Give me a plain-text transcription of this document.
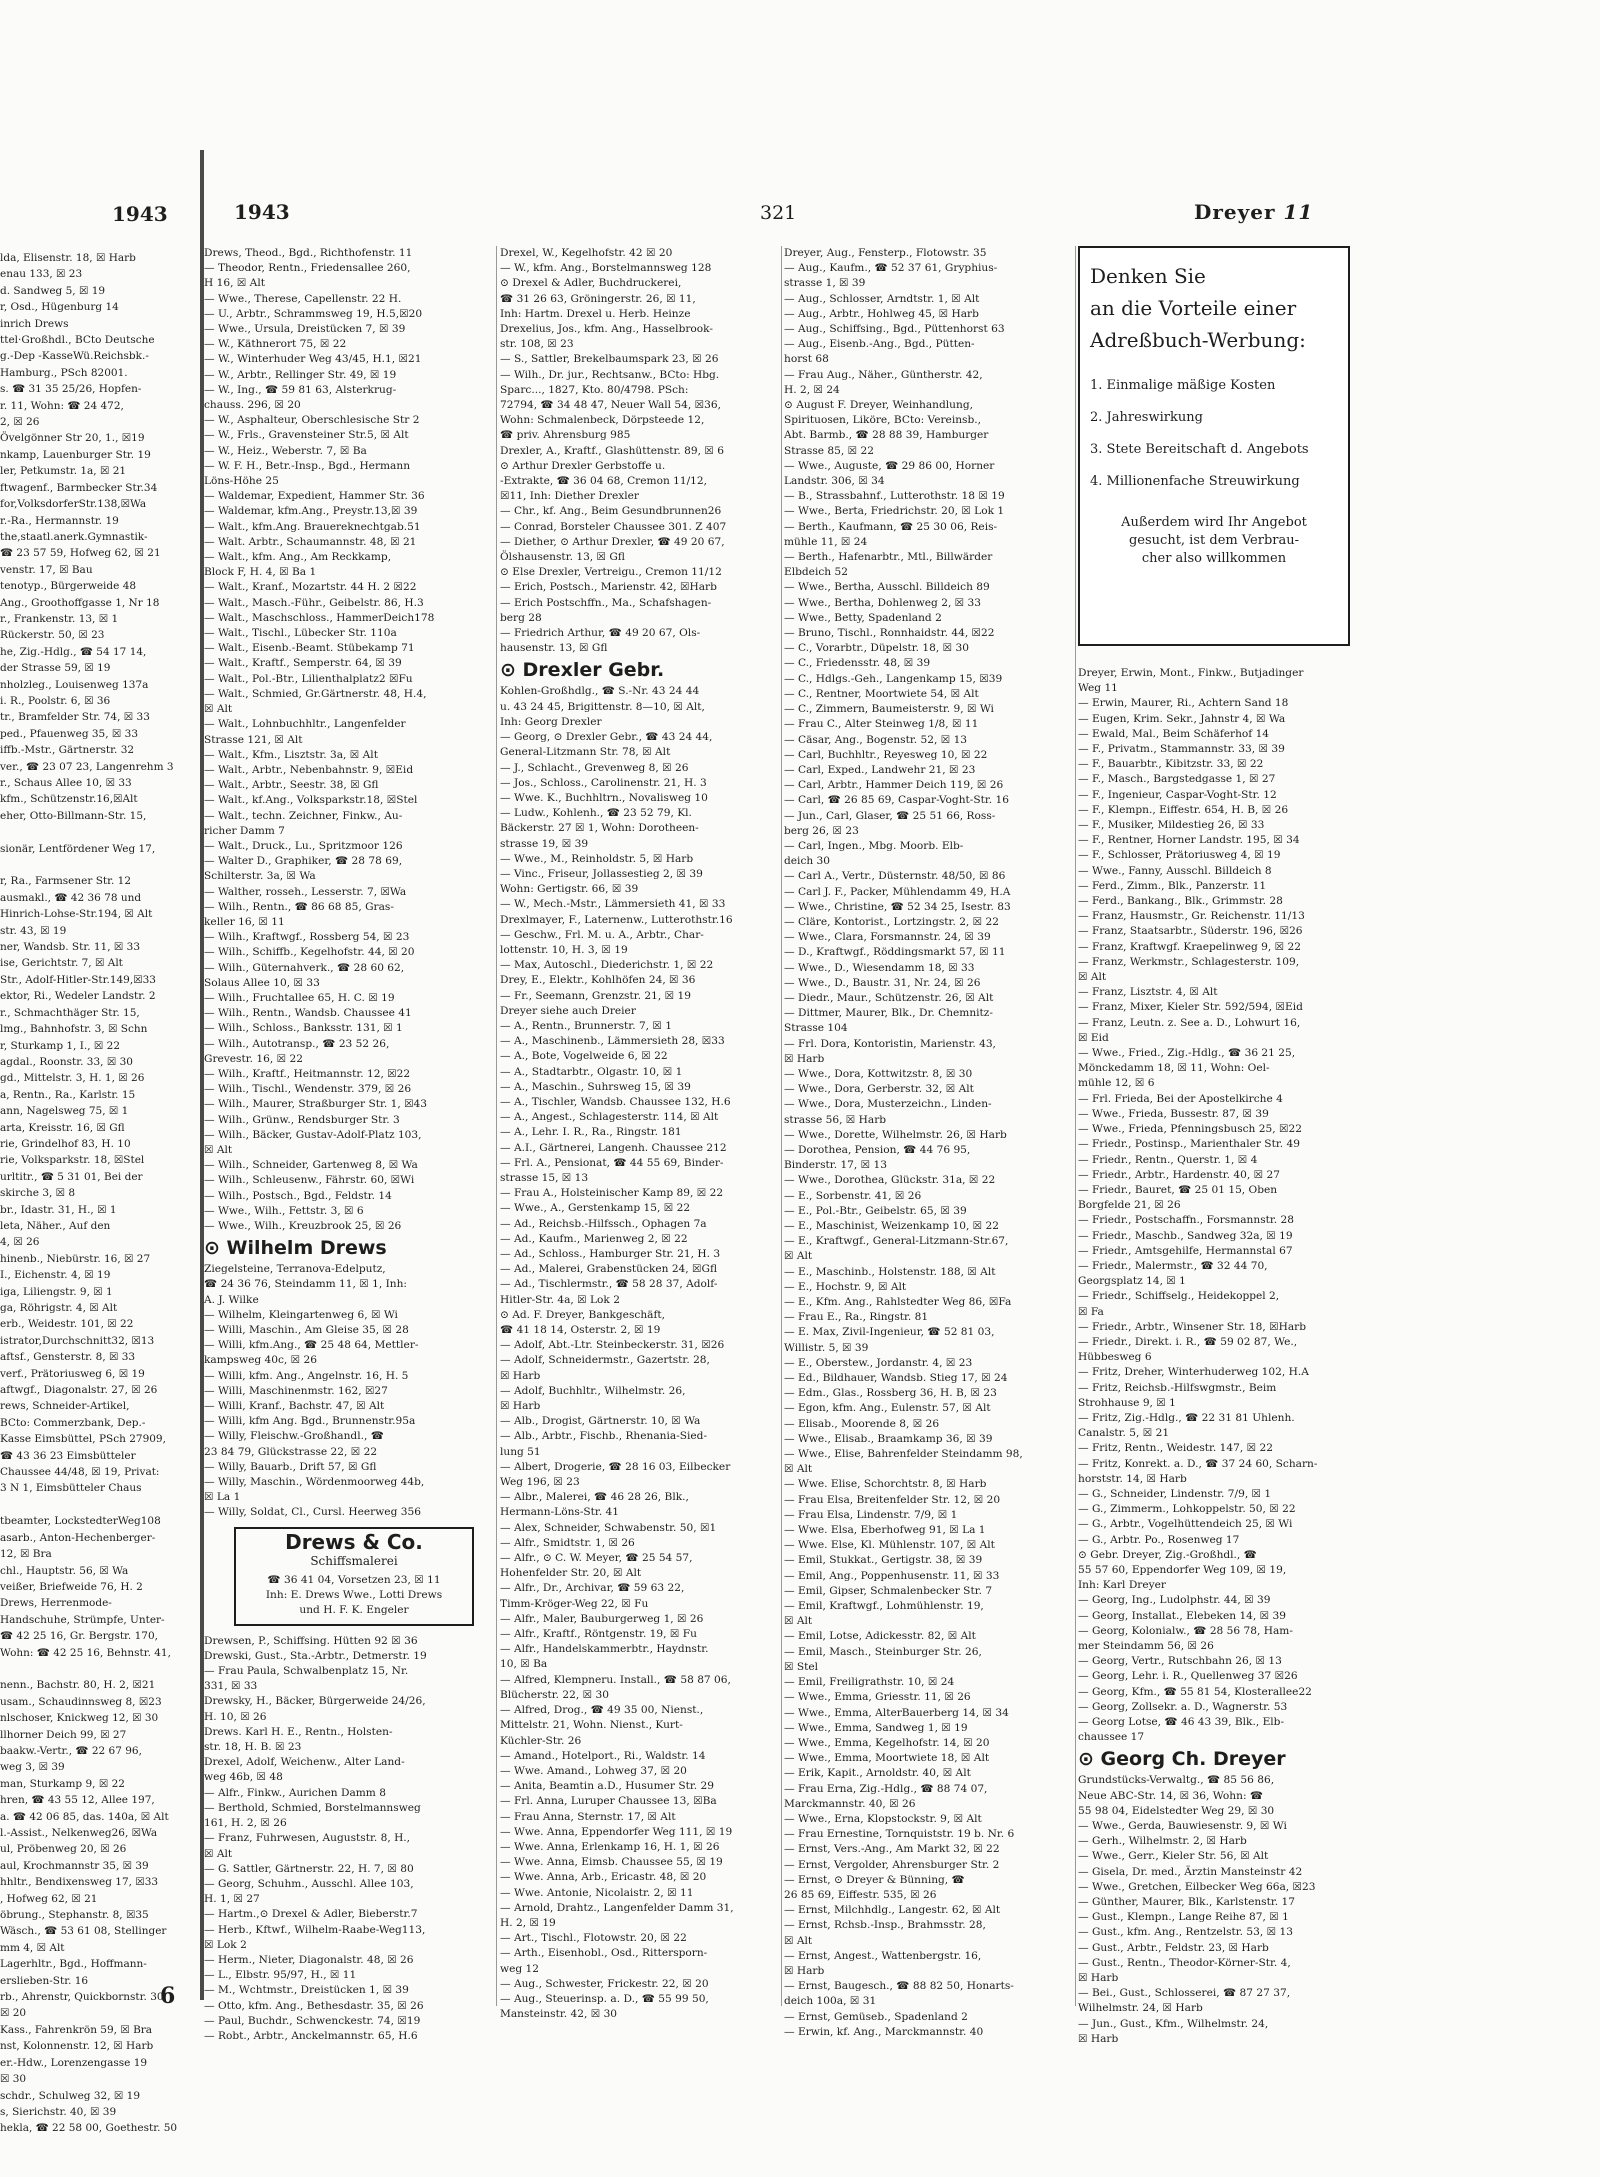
1943
lda, Elisenstr. 18, ☒ Harb
enau 133, ☒ 23
d. Sandweg 5, ☒ 19
r, Osd., Hügenburg 14
inrich Drews
ttel·Großhdl., BCto Deutsche
g.-Dep -KasseWü.Reichsbk.-
Hamburg., PSch 82001.
s. ☎ 31 35 25/26, Hopfen-
r. 11, Wohn: ☎ 24 472,
2, ☒ 26
Övelgönner Str 20, 1., ☒19
nkamp, Lauenburger Str. 19
ler, Petkumstr. 1a, ☒ 21
ftwagenf., Barmbecker Str.34
for,VolksdorferStr.138,☒Wa
r.-Ra., Hermannstr. 19
the,staatl.anerk.Gymnastik-
☎ 23 57 59, Hofweg 62, ☒ 21
venstr. 17, ☒ Bau
tenotyp., Bürgerweide 48
Ang., Groothoffgasse 1, Nr 18
r., Frankenstr. 13, ☒ 1
Rückerstr. 50, ☒ 23
he, Zig.-Hdlg., ☎ 54 17 14,
der Strasse 59, ☒ 19
nholzleg., Louisenweg 137a
i. R., Poolstr. 6, ☒ 36
tr., Bramfelder Str. 74, ☒ 33
ped., Pfauenweg 35, ☒ 33
iffb.-Mstr., Gärtnerstr. 32
ver., ☎ 23 07 23, Langenrehm 3
r., Schaus Allee 10, ☒ 33
kfm., Schützenstr.16,☒Alt
eher, Otto-Billmann-Str. 15,

sionär, Lentfördener Weg 17,

r, Ra., Farmsener Str. 12
ausmakl., ☎ 42 36 78 und
Hinrich-Lohse-Str.194, ☒ Alt
str. 43, ☒ 19
ner, Wandsb. Str. 11, ☒ 33
ise, Gerichtstr. 7, ☒ Alt
Str., Adolf-Hitler-Str.149,☒33
ektor, Ri., Wedeler Landstr. 2
r., Schmachthäger Str. 15,
lmg., Bahnhofstr. 3, ☒ Schn
r, Sturkamp 1, I., ☒ 22
agdal., Roonstr. 33, ☒ 30
gd., Mittelstr. 3, H. 1, ☒ 26
a, Rentn., Ra., Karlstr. 15
ann, Nagelsweg 75, ☒ 1
arta, Kreisstr. 16, ☒ Gfl
rie, Grindelhof 83, H. 10
rie, Volksparkstr. 18, ☒Stel
urltitr., ☎ 5 31 01, Bei der
skirche 3, ☒ 8
br., Idastr. 31, H., ☒ 1
leta, Näher., Auf den
4, ☒ 26
hinenb., Niebürstr. 16, ☒ 27
I., Eichenstr. 4, ☒ 19
iga, Liliengstr. 9, ☒ 1
ga, Röhrigstr. 4, ☒ Alt
erb., Weidestr. 101, ☒ 22
istrator,Durchschnitt32, ☒13
aftsf., Gensterstr. 8, ☒ 33
verf., Prätoriusweg 6, ☒ 19
aftwgf., Diagonalstr. 27, ☒ 26
rews, Schneider-Artikel,
BCto: Commerzbank, Dep.-
Kasse Eimsbüttel, PSch 27909,
☎ 43 36 23 Eimsbütteler
Chaussee 44/48, ☒ 19, Privat:
3 N 1, Eimsbütteler Chaus

tbeamter, LockstedterWeg108
asarb., Anton-Hechenberger-
12, ☒ Bra
chl., Hauptstr. 56, ☒ Wa
veißer, Briefweide 76, H. 2
Drews, Herrenmode-
Handschuhe, Strümpfe, Unter-
☎ 42 25 16, Gr. Bergstr. 170,
Wohn: ☎ 42 25 16, Behnstr. 41,

nenn., Bachstr. 80, H. 2, ☒21
usam., Schaudinnsweg 8, ☒23
nlschoser, Knickweg 12, ☒ 30
llhorner Deich 99, ☒ 27
baakw.-Vertr., ☎ 22 67 96,
weg 3, ☒ 39
man, Sturkamp 9, ☒ 22
hren, ☎ 43 55 12, Allee 197,
a. ☎ 42 06 85, das. 140a, ☒ Alt
l.-Assist., Nelkenweg26, ☒Wa
ul, Pröbenweg 20, ☒ 26
aul, Krochmannstr 35, ☒ 39
hhltr., Bendixensweg 17, ☒33
, Hofweg 62, ☒ 21
öbrung., Stephanstr. 8, ☒35
Wäsch., ☎ 53 61 08, Stellinger
mm 4, ☒ Alt
Lagerhltr., Bgd., Hoffmann-
erslieben-Str. 16
rb., Ahrenstr, Quickbornstr. 30,
☒ 20
Kass., Fahrenkrön 59, ☒ Bra
nst, Kolonnenstr. 12, ☒ Harb
er.-Hdw., Lorenzengasse 19
☒ 30
schdr., Schulweg 32, ☒ 19
s, Sierichstr. 40, ☒ 39
hekla, ☎ 22 58 00, Goethestr. 50
6
1943	321	Dreyer 11
Drews, Theod., Bgd., Richthofenstr. 11
— Theodor, Rentn., Friedensallee 260,
H 16, ☒ Alt
— Wwe., Therese, Capellenstr. 22 H.
— U., Arbtr., Schrammsweg 19, H.5,☒20
— Wwe., Ursula, Dreistücken 7, ☒ 39
— W., Käthnerort 75, ☒ 22
— W., Winterhuder Weg 43/45, H.1, ☒21
— W., Arbtr., Rellinger Str. 49, ☒ 19
— W., Ing., ☎ 59 81 63, Alsterkrug-
chauss. 296, ☒ 20
— W., Asphalteur, Oberschlesische Str 2
— W., Frls., Gravensteiner Str.5, ☒ Alt
— W., Heiz., Weberstr. 7, ☒ Ba
— W. F. H., Betr.-Insp., Bgd., Hermann
Löns-Höhe 25
— Waldemar, Expedient, Hammer Str. 36
— Waldemar, kfm.Ang., Preystr.13,☒ 39
— Walt., kfm.Ang. Brauereknechtgab.51
— Walt. Arbtr., Schaumannstr. 48, ☒ 21
— Walt., kfm. Ang., Am Reckkamp,
Block F, H. 4, ☒ Ba 1
— Walt., Kranf., Mozartstr. 44 H. 2 ☒22
— Walt., Masch.-Führ., Geibelstr. 86, H.3
— Walt., Maschschloss., HammerDeich178
— Walt., Tischl., Lübecker Str. 110a
— Walt., Eisenb.-Beamt. Stübekamp 71
— Walt., Kraftf., Semperstr. 64, ☒ 39
— Walt., Pol.-Btr., Lilienthalplatz2 ☒Fu
— Walt., Schmied, Gr.Gärtnerstr. 48, H.4,
☒ Alt
— Walt., Lohnbuchhltr., Langenfelder
Strasse 121, ☒ Alt
— Walt., Kfm., Lisztstr. 3a, ☒ Alt
— Walt., Arbtr., Nebenbahnstr. 9, ☒Eid
— Walt., Arbtr., Seestr. 38, ☒ Gfl
— Walt., kf.Ang., Volksparkstr.18, ☒Stel
— Walt., techn. Zeichner, Finkw., Au-
richer Damm 7
— Walt., Druck., Lu., Spritzmoor 126
— Walter D., Graphiker, ☎ 28 78 69,
Schilterstr. 3a, ☒ Wa
— Walther, rosseh., Lesserstr. 7, ☒Wa
— Wilh., Rentn., ☎ 86 68 85, Gras-
keller 16, ☒ 11
— Wilh., Kraftwgf., Rossberg 54, ☒ 23
— Wilh., Schiffb., Kegelhofstr. 44, ☒ 20
— Wilh., Güternahverk., ☎ 28 60 62,
Solaus Allee 10, ☒ 33
— Wilh., Fruchtallee 65, H. C. ☒ 19
— Wilh., Rentn., Wandsb. Chaussee 41
— Wilh., Schloss., Banksstr. 131, ☒ 1
— Wilh., Autotransp., ☎ 23 52 26,
Grevestr. 16, ☒ 22
— Wilh., Kraftf., Heitmannstr. 12, ☒22
— Wilh., Tischl., Wendenstr. 379, ☒ 26
— Wilh., Maurer, Straßburger Str. 1, ☒43
— Wilh., Grünw., Rendsburger Str. 3
— Wilh., Bäcker, Gustav-Adolf-Platz 103,
☒ Alt
— Wilh., Schneider, Gartenweg 8, ☒ Wa
— Wilh., Schleusenw., Fährstr. 60, ☒Wi
— Wilh., Postsch., Bgd., Feldstr. 14
— Wwe., Wilh., Fettstr. 3, ☒ 6
— Wwe., Wilh., Kreuzbrook 25, ☒ 26
⊙ Wilhelm Drews
Ziegelsteine, Terranova-Edelputz,
☎ 24 36 76, Steindamm 11, ☒ 1, Inh:
A. J. Wilke
— Wilhelm, Kleingartenweg 6, ☒ Wi
— Willi, Maschin., Am Gleise 35, ☒ 28
— Willi, kfm.Ang., ☎ 25 48 64, Mettler-
kampsweg 40c, ☒ 26
— Willi, kfm. Ang., Angelnstr. 16, H. 5
— Willi, Maschinenmstr. 162, ☒27
— Willi, Kranf., Bachstr. 47, ☒ Alt
— Willi, kfm Ang. Bgd., Brunnenstr.95a
— Willy, Fleischw.-Großhandl., ☎
23 84 79, Glückstrasse 22, ☒ 22
— Willy, Bauarb., Drift 57, ☒ Gfl
— Willy, Maschin., Wördenmoorweg 44b,
☒ La 1
— Willy, Soldat, Cl., Cursl. Heerweg 356
Drews & Co.
Schiffsmalerei
☎ 36 41 04, Vorsetzen 23, ☒ 11
Inh: E. Drews Wwe., Lotti Drews
und H. F. K. Engeler
Drewsen, P., Schiffsing. Hütten 92 ☒ 36
Drewski, Gust., Sta.-Arbtr., Detmerstr. 19
— Frau Paula, Schwalbenplatz 15, Nr.
331, ☒ 33
Drewsky, H., Bäcker, Bürgerweide 24/26,
H. 10, ☒ 26
Drews. Karl H. E., Rentn., Holsten-
str. 18, H. B. ☒ 23
Drexel, Adolf, Weichenw., Alter Land-
weg 46b, ☒ 48
— Alfr., Finkw., Aurichen Damm 8
— Berthold, Schmied, Borstelmannsweg
161, H. 2, ☒ 26
— Franz, Fuhrwesen, Auguststr. 8, H.,
☒ Alt
— G. Sattler, Gärtnerstr. 22, H. 7, ☒ 80
— Georg, Schuhm., Ausschl. Allee 103,
H. 1, ☒ 27
— Hartm.,⊙ Drexel & Adler, Bieberstr.7
— Herb., Kftwf., Wilhelm-Raabe-Weg113,
☒ Lok 2
— Herm., Nieter, Diagonalstr. 48, ☒ 26
— L., Elbstr. 95/97, H., ☒ 11
— M., Wchtmstr., Dreistücken 1, ☒ 39
— Otto, kfm. Ang., Bethesdastr. 35, ☒ 26
— Paul, Buchdr., Schwenckestr. 74, ☒19
— Robt., Arbtr., Anckelmannstr. 65, H.6
Drexel, W., Kegelhofstr. 42 ☒ 20
— W., kfm. Ang., Borstelmannsweg 128
⊙ Drexel & Adler, Buchdruckerei,
☎ 31 26 63, Gröningerstr. 26, ☒ 11,
Inh: Hartm. Drexel u. Herb. Heinze
Drexelius, Jos., kfm. Ang., Hasselbrook-
str. 108, ☒ 23
— S., Sattler, Brekelbaumspark 23, ☒ 26
— Wilh., Dr. jur., Rechtsanw., BCto: Hbg.
Sparc..., 1827, Kto. 80/4798. PSch:
72794, ☎ 34 48 47, Neuer Wall 54, ☒36,
Wohn: Schmalenbeck, Dörpsteede 12,
☎ priv. Ahrensburg 985
Drexler, A., Kraftf., Glashüttenstr. 89, ☒ 6
⊙ Arthur Drexler Gerbstoffe u.
-Extrakte, ☎ 36 04 68, Cremon 11/12,
☒11, Inh: Diether Drexler
— Chr., kf. Ang., Beim Gesundbrunnen26
— Conrad, Borsteler Chaussee 301. Z 407
— Diether, ⊙ Arthur Drexler, ☎ 49 20 67,
Ölshausenstr. 13, ☒ Gfl
⊙ Else Drexler, Vertreigu., Cremon 11/12
— Erich, Postsch., Marienstr. 42, ☒Harb
— Erich Postschffn., Ma., Schafshagen-
berg 28
— Friedrich Arthur, ☎ 49 20 67, Ols-
hausenstr. 13, ☒ Gfl
⊙ Drexler Gebr.
Kohlen-Großhdlg., ☎ S.-Nr. 43 24 44
u. 43 24 45, Brigittenstr. 8—10, ☒ Alt,
Inh: Georg Drexler
— Georg, ⊙ Drexler Gebr., ☎ 43 24 44,
General-Litzmann Str. 78, ☒ Alt
— J., Schlacht., Grevenweg 8, ☒ 26
— Jos., Schloss., Carolinenstr. 21, H. 3
— Wwe. K., Buchhltrn., Novalisweg 10
— Ludw., Kohlenh., ☎ 23 52 79, Kl.
Bäckerstr. 27 ☒ 1, Wohn: Dorotheen-
strasse 19, ☒ 39
— Wwe., M., Reinholdstr. 5, ☒ Harb
— Vinc., Friseur, Jollassestieg 2, ☒ 39
Wohn: Gertigstr. 66, ☒ 39
— W., Mech.-Mstr., Lämmersieth 41, ☒ 33
Drexlmayer, F., Laternenw., Lutterothstr.16
— Geschw., Frl. M. u. A., Arbtr., Char-
lottenstr. 10, H. 3, ☒ 19
— Max, Autoschl., Diederichstr. 1, ☒ 22
Drey, E., Elektr., Kohlhöfen 24, ☒ 36
— Fr., Seemann, Grenzstr. 21, ☒ 19
Dreyer siehe auch Dreier
— A., Rentn., Brunnerstr. 7, ☒ 1
— A., Maschinenb., Lämmersieth 28, ☒33
— A., Bote, Vogelweide 6, ☒ 22
— A., Stadtarbtr., Olgastr. 10, ☒ 1
— A., Maschin., Suhrsweg 15, ☒ 39
— A., Tischler, Wandsb. Chaussee 132, H.6
— A., Angest., Schlagesterstr. 114, ☒ Alt
— A., Lehr. I. R., Ra., Ringstr. 181
— A.I., Gärtnerei, Langenh. Chaussee 212
— Frl. A., Pensionat, ☎ 44 55 69, Binder-
strasse 15, ☒ 13
— Frau A., Holsteinischer Kamp 89, ☒ 22
— Wwe., A., Gerstenkamp 15, ☒ 22
— Ad., Reichsb.-Hilfssch., Ophagen 7a
— Ad., Kaufm., Marienweg 2, ☒ 22
— Ad., Schloss., Hamburger Str. 21, H. 3
— Ad., Malerei, Grabenstücken 24, ☒Gfl
— Ad., Tischlermstr., ☎ 58 28 37, Adolf-
Hitler-Str. 4a, ☒ Lok 2
⊙ Ad. F. Dreyer, Bankgeschäft,
☎ 41 18 14, Osterstr. 2, ☒ 19
— Adolf, Abt.-Ltr. Steinbeckerstr. 31, ☒26
— Adolf, Schneidermstr., Gazertstr. 28,
☒ Harb
— Adolf, Buchhltr., Wilhelmstr. 26,
☒ Harb
— Alb., Drogist, Gärtnerstr. 10, ☒ Wa
— Alb., Arbtr., Fischb., Rhenania-Sied-
lung 51
— Albert, Drogerie, ☎ 28 16 03, Eilbecker
Weg 196, ☒ 23
— Albr., Malerei, ☎ 46 28 26, Blk.,
Hermann-Löns-Str. 41
— Alex, Schneider, Schwabenstr. 50, ☒1
— Alfr., Smidtstr. 1, ☒ 26
— Alfr., ⊙ C. W. Meyer, ☎ 25 54 57,
Hohenfelder Str. 20, ☒ Alt
— Alfr., Dr., Archivar, ☎ 59 63 22,
Timm-Kröger-Weg 22, ☒ Fu
— Alfr., Maler, Bauburgerweg 1, ☒ 26
— Alfr., Kraftf., Röntgenstr. 19, ☒ Fu
— Alfr., Handelskammerbtr., Haydnstr.
10, ☒ Ba
— Alfred, Klempneru. Install., ☎ 58 87 06,
Blücherstr. 22, ☒ 30
— Alfred, Drog., ☎ 49 35 00, Nienst.,
Mittelstr. 21, Wohn. Nienst., Kurt-
Küchler-Str. 26
— Amand., Hotelport., Ri., Waldstr. 14
— Wwe. Amand., Lohweg 37, ☒ 20
— Anita, Beamtin a.D., Husumer Str. 29
— Frl. Anna, Luruper Chaussee 13, ☒Ba
— Frau Anna, Sternstr. 17, ☒ Alt
— Wwe. Anna, Eppendorfer Weg 111, ☒ 19
— Wwe. Anna, Erlenkamp 16, H. 1, ☒ 26
— Wwe. Anna, Eimsb. Chaussee 55, ☒ 19
— Wwe. Anna, Arb., Ericastr. 48, ☒ 20
— Wwe. Antonie, Nicolaistr. 2, ☒ 11
— Arnold, Drahtz., Langenfelder Damm 31,
H. 2, ☒ 19
— Art., Tischl., Flotowstr. 20, ☒ 22
— Arth., Eisenhobl., Osd., Rittersporn-
weg 12
— Aug., Schwester, Frickestr. 22, ☒ 20
— Aug., Steuerinsp. a. D., ☎ 55 99 50,
Mansteinstr. 42, ☒ 30
Dreyer, Aug., Fensterp., Flotowstr. 35
— Aug., Kaufm., ☎ 52 37 61, Gryphius-
strasse 1, ☒ 39
— Aug., Schlosser, Arndtstr. 1, ☒ Alt
— Aug., Arbtr., Hohlweg 45, ☒ Harb
— Aug., Schiffsing., Bgd., Püttenhorst 63
— Aug., Eisenb.-Ang., Bgd., Pütten-
horst 68
— Frau Aug., Näher., Güntherstr. 42,
H. 2, ☒ 24
⊙ August F. Dreyer, Weinhandlung,
Spirituosen, Liköre, BCto: Vereinsb.,
Abt. Barmb., ☎ 28 88 39, Hamburger
Strasse 85, ☒ 22
— Wwe., Auguste, ☎ 29 86 00, Horner
Landstr. 306, ☒ 34
— B., Strassbahnf., Lutterothstr. 18 ☒ 19
— Wwe., Berta, Friedrichstr. 20, ☒ Lok 1
— Berth., Kaufmann, ☎ 25 30 06, Reis-
mühle 11, ☒ 24
— Berth., Hafenarbtr., Mtl., Billwärder
Elbdeich 52
— Wwe., Bertha, Ausschl. Billdeich 89
— Wwe., Bertha, Dohlenweg 2, ☒ 33
— Wwe., Betty, Spadenland 2
— Bruno, Tischl., Ronnhaidstr. 44, ☒22
— C., Vorarbtr., Düpelstr. 18, ☒ 30
— C., Friedensstr. 48, ☒ 39
— C., Hdlgs.-Geh., Langenkamp 15, ☒39
— C., Rentner, Moortwiete 54, ☒ Alt
— C., Zimmern, Baumeisterstr. 9, ☒ Wi
— Frau C., Alter Steinweg 1/8, ☒ 11
— Cäsar, Ang., Bogenstr. 52, ☒ 13
— Carl, Buchhltr., Reyesweg 10, ☒ 22
— Carl, Exped., Landwehr 21, ☒ 23
— Carl, Arbtr., Hammer Deich 119, ☒ 26
— Carl, ☎ 26 85 69, Caspar-Voght-Str. 16
— Jun., Carl, Glaser, ☎ 25 51 66, Ross-
berg 26, ☒ 23
— Carl, Ingen., Mbg. Moorb. Elb-
deich 30
— Carl A., Vertr., Düsternstr. 48/50, ☒ 86
— Carl J. F., Packer, Mühlendamm 49, H.A
— Wwe., Christine, ☎ 52 34 25, Isestr. 83
— Cläre, Kontorist., Lortzingstr. 2, ☒ 22
— Wwe., Clara, Forsmannstr. 24, ☒ 39
— D., Kraftwgf., Röddingsmarkt 57, ☒ 11
— Wwe., D., Wiesendamm 18, ☒ 33
— Wwe., D., Baustr. 31, Nr. 24, ☒ 26
— Diedr., Maur., Schützenstr. 26, ☒ Alt
— Dittmer, Maurer, Blk., Dr. Chemnitz-
Strasse 104
— Frl. Dora, Kontoristin, Marienstr. 43,
☒ Harb
— Wwe., Dora, Kottwitzstr. 8, ☒ 30
— Wwe., Dora, Gerberstr. 32, ☒ Alt
— Wwe., Dora, Musterzeichn., Linden-
strasse 56, ☒ Harb
— Wwe., Dorette, Wilhelmstr. 26, ☒ Harb
— Dorothea, Pension, ☎ 44 76 95,
Binderstr. 17, ☒ 13
— Wwe., Dorothea, Glückstr. 31a, ☒ 22
— E., Sorbenstr. 41, ☒ 26
— E., Pol.-Btr., Geibelstr. 65, ☒ 39
— E., Maschinist, Weizenkamp 10, ☒ 22
— E., Kraftwgf., General-Litzmann-Str.67,
☒ Alt
— E., Maschinb., Holstenstr. 188, ☒ Alt
— E., Hochstr. 9, ☒ Alt
— E., Kfm. Ang., Rahlstedter Weg 86, ☒Fa
— Frau E., Ra., Ringstr. 81
— E. Max, Zivil-Ingenieur, ☎ 52 81 03,
Willistr. 5, ☒ 39
— E., Oberstew., Jordanstr. 4, ☒ 23
— Ed., Bildhauer, Wandsb. Stieg 17, ☒ 24
— Edm., Glas., Rossberg 36, H. B, ☒ 23
— Egon, kfm. Ang., Eulenstr. 57, ☒ Alt
— Elisab., Moorende 8, ☒ 26
— Wwe., Elisab., Braamkamp 36, ☒ 39
— Wwe., Elise, Bahrenfelder Steindamm 98,
☒ Alt
— Wwe. Elise, Schorchtstr. 8, ☒ Harb
— Frau Elsa, Breitenfelder Str. 12, ☒ 20
— Frau Elsa, Lindenstr. 7/9, ☒ 1
— Wwe. Elsa, Eberhofweg 91, ☒ La 1
— Wwe. Else, Kl. Mühlenstr. 107, ☒ Alt
— Emil, Stukkat., Gertigstr. 38, ☒ 39
— Emil, Ang., Poppenhusenstr. 11, ☒ 33
— Emil, Gipser, Schmalenbecker Str. 7
— Emil, Kraftwgf., Lohmühlenstr. 19,
☒ Alt
— Emil, Lotse, Adickesstr. 82, ☒ Alt
— Emil, Masch., Steinburger Str. 26,
☒ Stel
— Emil, Freiligrathstr. 10, ☒ 24
— Wwe., Emma, Griesstr. 11, ☒ 26
— Wwe., Emma, AlterBauerberg 14, ☒ 34
— Wwe., Emma, Sandweg 1, ☒ 19
— Wwe., Emma, Kegelhofstr. 14, ☒ 20
— Wwe., Emma, Moortwiete 18, ☒ Alt
— Erik, Kapit., Arnoldstr. 40, ☒ Alt
— Frau Erna, Zig.-Hdlg., ☎ 88 74 07,
Marckmannstr. 40, ☒ 26
— Wwe., Erna, Klopstockstr. 9, ☒ Alt
— Frau Ernestine, Tornquiststr. 19 b. Nr. 6
— Ernst, Vers.-Ang., Am Markt 32, ☒ 22
— Ernst, Vergolder, Ahrensburger Str. 2
— Ernst, ⊙ Dreyer & Bünning, ☎
26 85 69, Eiffestr. 535, ☒ 26
— Ernst, Milchhdlg., Langestr. 62, ☒ Alt
— Ernst, Rchsb.-Insp., Brahmsstr. 28,
☒ Alt
— Ernst, Angest., Wattenbergstr. 16,
☒ Harb
— Ernst, Baugesch., ☎ 88 82 50, Honarts-
deich 100a, ☒ 31
— Ernst, Gemüseb., Spadenland 2
— Erwin, kf. Ang., Marckmannstr. 40
Denken Sie
an die Vorteile einer
Adreßbuch-Werbung:
1. Einmalige mäßige Kosten
2. Jahreswirkung
3. Stete Bereitschaft d. Angebots
4. Millionenfache Streuwirkung
Außerdem wird Ihr Angebot
gesucht, ist dem Verbrau-
cher also willkommen
Dreyer, Erwin, Mont., Finkw., Butjadinger
Weg 11
— Erwin, Maurer, Ri., Achtern Sand 18
— Eugen, Krim. Sekr., Jahnstr 4, ☒ Wa
— Ewald, Mal., Beim Schäferhof 14
— F., Privatm., Stammannstr. 33, ☒ 39
— F., Bauarbtr., Kibitzstr. 33, ☒ 22
— F., Masch., Bargstedgasse 1, ☒ 27
— F., Ingenieur, Caspar-Voght-Str. 12
— F., Klempn., Eiffestr. 654, H. B, ☒ 26
— F., Musiker, Mildestieg 26, ☒ 33
— F., Rentner, Horner Landstr. 195, ☒ 34
— F., Schlosser, Prätoriusweg 4, ☒ 19
— Wwe., Fanny, Ausschl. Billdeich 8
— Ferd., Zimm., Blk., Panzerstr. 11
— Ferd., Bankang., Blk., Grimmstr. 28
— Franz, Hausmstr., Gr. Reichenstr. 11/13
— Franz, Staatsarbtr., Süderstr. 196, ☒26
— Franz, Kraftwgf. Kraepelinweg 9, ☒ 22
— Franz, Werkmstr., Schlagesterstr. 109,
☒ Alt
— Franz, Lisztstr. 4, ☒ Alt
— Franz, Mixer, Kieler Str. 592/594, ☒Eid
— Franz, Leutn. z. See a. D., Lohwurt 16,
☒ Eid
— Wwe., Fried., Zig.-Hdlg., ☎ 36 21 25,
Mönckedamm 18, ☒ 11, Wohn: Oel-
mühle 12, ☒ 6
— Frl. Frieda, Bei der Apostelkirche 4
— Wwe., Frieda, Bussestr. 87, ☒ 39
— Wwe., Frieda, Pfenningsbusch 25, ☒22
— Friedr., Postinsp., Marienthaler Str. 49
— Friedr., Rentn., Querstr. 1, ☒ 4
— Friedr., Arbtr., Hardenstr. 40, ☒ 27
— Friedr., Bauret, ☎ 25 01 15, Oben
Borgfelde 21, ☒ 26
— Friedr., Postschaffn., Forsmannstr. 28
— Friedr., Maschb., Sandweg 32a, ☒ 19
— Friedr., Amtsgehilfe, Hermannstal 67
— Friedr., Malermstr., ☎ 32 44 70,
Georgsplatz 14, ☒ 1
— Friedr., Schiffselg., Heidekoppel 2,
☒ Fa
— Friedr., Arbtr., Winsener Str. 18, ☒Harb
— Friedr., Direkt. i. R., ☎ 59 02 87, We.,
Hübbesweg 6
— Fritz, Dreher, Winterhuderweg 102, H.A
— Fritz, Reichsb.-Hilfswgmstr., Beim
Strohhause 9, ☒ 1
— Fritz, Zig.-Hdlg., ☎ 22 31 81 Uhlenh.
Canalstr. 5, ☒ 21
— Fritz, Rentn., Weidestr. 147, ☒ 22
— Fritz, Konrekt. a. D., ☎ 37 24 60, Scharn-
horststr. 14, ☒ Harb
— G., Schneider, Lindenstr. 7/9, ☒ 1
— G., Zimmerm., Lohkoppelstr. 50, ☒ 22
— G., Arbtr., Vogelhüttendeich 25, ☒ Wi
— G., Arbtr. Po., Rosenweg 17
⊙ Gebr. Dreyer, Zig.-Großhdl., ☎
55 57 60, Eppendorfer Weg 109, ☒ 19,
Inh: Karl Dreyer
— Georg, Ing., Ludolphstr. 44, ☒ 39
— Georg, Installat., Elebeken 14, ☒ 39
— Georg, Kolonialw., ☎ 28 56 78, Ham-
mer Steindamm 56, ☒ 26
— Georg, Vertr., Rutschbahn 26, ☒ 13
— Georg, Lehr. i. R., Quellenweg 37 ☒26
— Georg, Kfm., ☎ 55 81 54, Klosterallee22
— Georg, Zollsekr. a. D., Wagnerstr. 53
— Georg Lotse, ☎ 46 43 39, Blk., Elb-
chaussee 17
⊙ Georg Ch. Dreyer
Grundstücks-Verwaltg., ☎ 85 56 86,
Neue ABC-Str. 14, ☒ 36, Wohn: ☎
55 98 04, Eidelstedter Weg 29, ☒ 30
— Wwe., Gerda, Bauwiesenstr. 9, ☒ Wi
— Gerh., Wilhelmstr. 2, ☒ Harb
— Wwe., Gerr., Kieler Str. 56, ☒ Alt
— Gisela, Dr. med., Ärztin Mansteinstr 42
— Wwe., Gretchen, Eilbecker Weg 66a, ☒23
— Günther, Maurer, Blk., Karlstenstr. 17
— Gust., Klempn., Lange Reihe 87, ☒ 1
— Gust., kfm. Ang., Rentzelstr. 53, ☒ 13
— Gust., Arbtr., Feldstr. 23, ☒ Harb
— Gust., Rentn., Theodor-Körner-Str. 4,
☒ Harb
— Bei., Gust., Schlosserei, ☎ 87 27 37,
Wilhelmstr. 24, ☒ Harb
— Jun., Gust., Kfm., Wilhelmstr. 24,
☒ Harb
